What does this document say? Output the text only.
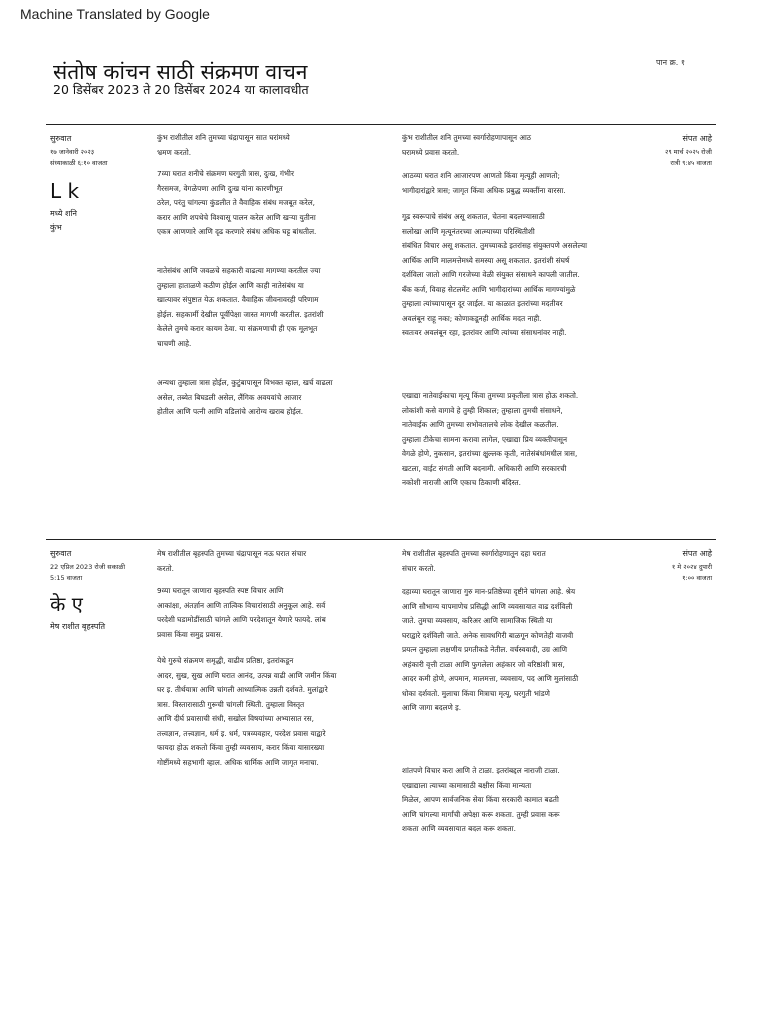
Machine Translated by Google
संतोष कांचन साठी संक्रमण वाचन
20 डिसेंबर 2023 ते 20 डिसेंबर 2024 या कालावधीत
पान क्र. १
सुरुवात
१७ जानेवारी २०२३
संध्याकाळी ६:१० वाजता
L k
मध्ये शनि
कुंभ
संपत आहे
२९ मार्च २०२५ रोजी
रात्री ९:४५ वाजता

कुंभ राशीतील शनि तुमच्या चंद्रापासून सात घरांमध्ये

भ्रमण करतो.

7व्या घरात शनीचे संक्रमण घरगुती त्रास, दुःख, गंभीर

गैरसमज, वेगळेपणा आणि दुःख यांना कारणीभूत

ठरेल, परंतु चांगल्या कुंडलीत ते वैवाहिक संबंध मजबूत करेल,

करार आणि शपथेचे विश्वासू पालन करेल आणि खऱ्या युतीना

एकत्र आणणारे आणि दृढ करणारे संबंध अधिक घट्ट बांधतील.

नातेसंबंध आणि जवळचे सहकारी वाढत्या मागण्या करतील ज्या

तुम्हाला हाताळणे कठीण होईल आणि काही नातेसंबंध या

खात्यावर संपुष्टात येऊ शकतात. वैवाहिक जीवनावरही परिणाम

होईल. सहकार्मी देखील पूर्वीपेक्षा जास्त मागणी करतील. इतरांशी

केलेले तुमचे करार कायम ठेवा. या संक्रमणाची ही एक मूलभूत

चाचणी आहे.

अन्यथा तुम्हाला त्रास होईल, कुटुंबापासून विभक्त व्हाल, खर्च वाढला

असेल, तब्येत बिघडली असेल, लैंगिक अवयवांचे आजार

होतील आणि पत्नी आणि वडिलांचे आरोग्य खराब होईल.

कुंभ राशीतील शनि तुमच्या स्वर्गारोहणापासून आठ

घरामध्ये प्रवास करतो.

आठव्या घरात शनि आजारपण आणतो किंवा मृत्यूही आणतो;

भागीदारांद्वारे त्रास; जागृत किंवा अधिक प्रबुद्ध व्यक्तींना वारसा.

गूढ स्वरूपाचे संबंध असू शकतात, चेतना बदलण्यासाठी

सलोखा आणि मृत्यूनंतरच्या आत्म्याच्या परिस्थितीशी

संबंधित विचार असू शकतात. तुमच्याकडे इतरांसह संयुक्तपणे असलेल्या

आर्थिक आणि मालमत्तेमध्ये समस्या असू शकतात. इतरांशी संघर्ष

दर्शविला जातो आणि गरजेच्या वेळी संयुक्त संसाधने कापली जातील.

बँक कर्ज, विवाह सेटलमेंट आणि भागीदारांच्या आर्थिक मागण्यांमुळे

तुम्हाला त्यांच्यापासून दूर जाईल. या काळात इतरांच्या मदतीवर

अवलंबून राहू नका; कोणाकडूनही आर्थिक मदत नाही.

स्वतःवर अवलंबून रहा, इतरांवर आणि त्यांच्या संसाधनांवर नाही.

एखाद्या नातेवाईकाचा मृत्यू किंवा तुमच्या प्रकृतीला त्रास होऊ शकतो.

लोकांशी कसे वागावे हे तुम्ही शिकाल; तुम्हाला तुमची संसाधने,

नातेवाईक आणि तुमच्या सभोवतालचे लोक देखील कळतील.

तुम्हाला टीकेचा सामना करावा लागेल, एखाद्या प्रिय व्यक्तीपासून

वेगळे होणे, नुकसान, इतरांच्या क्षुल्लक कृती, नातेसंबंधांमधील त्रास,

खटला, वाईट संगती आणि बदनामी. अधिकारी आणि सरकारची

नकोशी नाराजी आणि एकाच ठिकाणी बंदिस्त.

सुरुवात
22 एप्रिल 2023 रोजी सकाळी
5:15 वाजता
के ए
मेष राशीत बृहस्पति
संपत आहे
१ मे २०२४ दुपारी
१:०० वाजता

मेष राशीतील बृहस्पति तुमच्या चंद्रापासून नऊ घरात संचार

करतो.

9व्या घरातून जाणारा बृहस्पति स्पष्ट विचार आणि

आकांक्षा, अंतर्ज्ञान आणि तात्विक विचारांसाठी अनुकूल आहे. सर्व

परदेशी घडामोडींसाठी चांगले आणि परदेशातून येणारे फायदे. लांब

प्रवास किंवा समुद्र प्रवास.

येथे गुरुचे संक्रमण समृद्धी, वाढीव प्रतिष्ठा, इतरांकडून

आदर, सुख, सुख आणि घरात आनंद, उत्पन्न वाढी आणि जमीन किंवा

घर इ. तीर्थयात्रा आणि चांगली आध्यात्मिक उन्नती दर्शवते. मुलांद्वारे

त्रास. विस्तारासाठी गुरूची चांगली स्थिती. तुम्हाला विस्तृत

आणि दीर्घ प्रवासाची संधी, सखोल विषयांच्या अभ्यासात रस,

तत्त्वज्ञान, तत्त्वज्ञान, धर्म इ. धर्म, पत्रव्यवहार, परदेश प्रवास याद्वारे

फायदा होऊ शकतो किंवा तुम्ही व्यवसाय, करार किंवा यासारख्या

गोष्टींमध्ये सहभागी व्हाल. अधिक धार्मिक आणि जागृत मनाचा.

मेष राशीतील बृहस्पति तुमच्या स्वर्गारोहणातून दहा घरात

संचार करतो.

दहाव्या घरातून जाणारा गुरु मान-प्रतिष्ठेच्या दृष्टीने चांगला आहे. श्रेय

आणि सौभाग्य यापमाणेच प्रसिद्धी आणि व्यवसायात वाढ दर्शविली

जाते. तुमचा व्यवसाय, करिअर आणि सामाजिक स्थिती या

घराद्वारे दर्शविली जाते. अनेक सावधगिरी बाळगून कोणतेही वाजवी

प्रयत्न तुम्हाला लक्षणीय प्रगतीकडे नेतील. वर्चस्ववादी, उग्र आणि

अहंकारी वृत्ती टाळा आणि फुगलेला अहंकार जो वरिष्ठांशी त्रास,

आदर कमी होणे, अपमान, मालमत्ता, व्यवसाय, पद आणि मुलांसाठी

धोका दर्शवतो. मुलाचा किंवा मित्राचा मृत्यू, घरगुती भांडणे

आणि जागा बदलणे इ.

शांतपणे विचार करा आणि ते टाळा. इतरांबद्दल नाराजी टाळा.

एखाद्याला त्याच्या कामासाठी बक्षीस किंवा मान्यता

मिळेल, आपण सार्वजनिक सेवा किंवा सरकारी कामात बढती

आणि चांगल्या मार्गांची अपेक्षा करू शकता. तुम्ही प्रवास करू

शकता आणि व्यवसायात बदल करू शकता.
